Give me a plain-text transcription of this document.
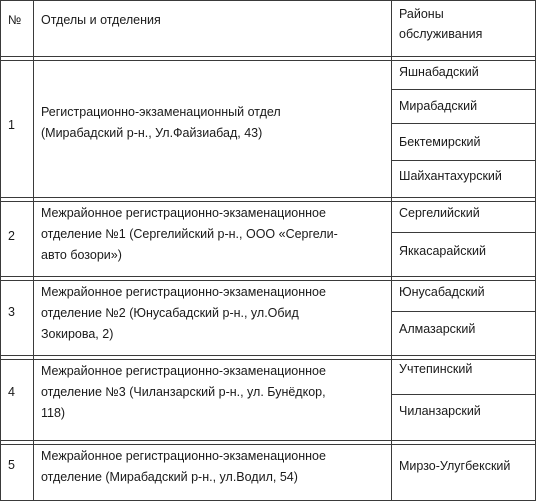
№ Отделы и отделения	Районы
обслуживания
1
Регистрационно-экзаменационный отдел
(Мирабадский р-н., Ул.Файзиабад, 43)
Яшнабадский
Мирабадский
Бектемирский
Шайхантахурский
2
Межрайонное регистрационно-экзаменационное
отделение №1 (Сергелийский р-н., ООО «Сергели-
авто бозори»)
Сергелийский
Яккасарайский
3
Межрайонное регистрационно-экзаменационное
отделение №2 (Юнусабадский р-н., ул.Обид
Зокирова, 2)
Юнусабадский
Алмазарский
4
Межрайонное регистрационно-экзаменационное
отделение №3 (Чиланзарский р-н., ул. Бунёдкор,
118)
Учтепинский
Чиланзарский
5
Межрайонное регистрационно-экзаменационное
отделение (Мирабадский р-н., ул.Водил, 54)
Мирзо-Улугбекский
